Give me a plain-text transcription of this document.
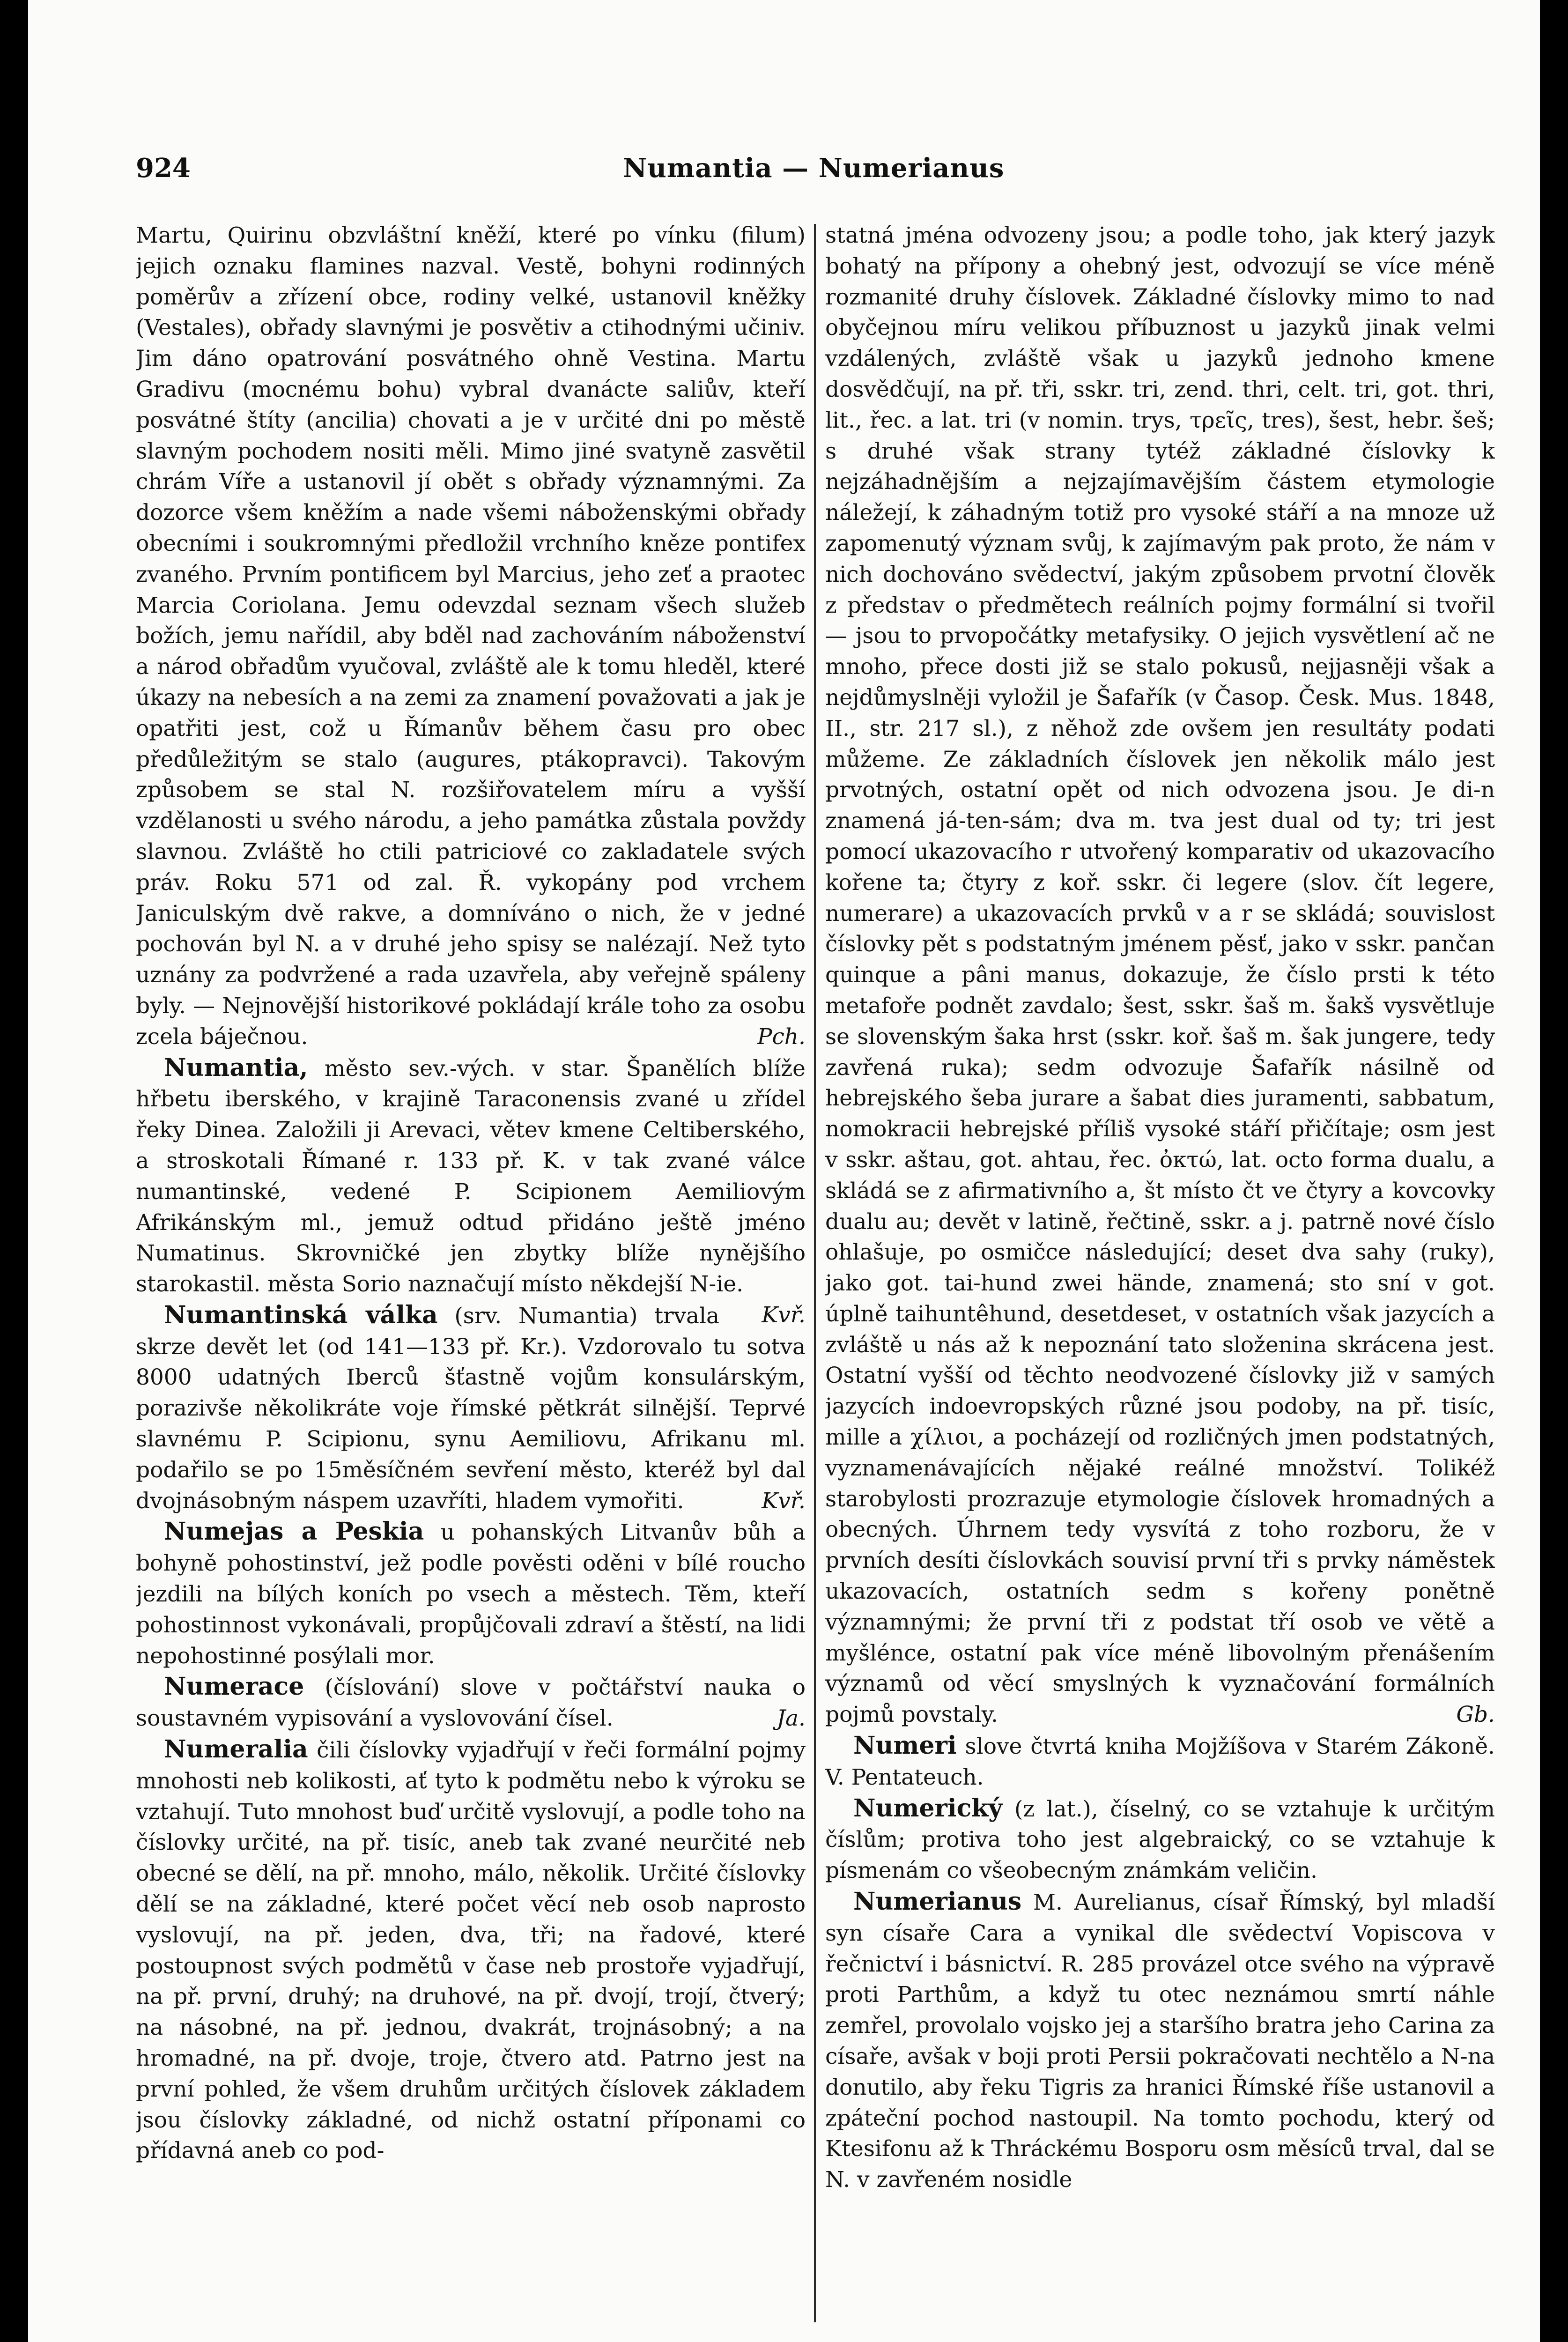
924	Numantia — Numerianus

Martu, Quirinu obzvláštní kněží, které po vínku (filum) jejich oznaku flamines nazval. Vestě, bohyni rodinných poměrův a zřízení obce, rodiny velké, ustanovil kněžky (Vestales), obřady slavnými je posvětiv a ctihodnými učiniv. Jim dáno opatrování posvátného ohně Vestina. Martu Gradivu (mocnému bohu) vybral dvanácte saliův, kteří posvátné štíty (ancilia) chovati a je v určité dni po městě slavným pochodem nositi měli. Mimo jiné svatyně zasvětil chrám Víře a ustanovil jí obět s obřady významnými. Za dozorce všem kněžím a nade všemi náboženskými obřady obecními i soukromnými předložil vrchního kněze pontifex zvaného. Prvním pontificem byl Marcius, jeho zeť a praotec Marcia Coriolana. Jemu odevzdal seznam všech služeb božích, jemu nařídil, aby bděl nad zachováním náboženství a národ obřadům vyučoval, zvláště ale k tomu hleděl, které úkazy na nebesích a na zemi za znamení považovati a jak je opatřiti jest, což u Římanův během času pro obec předůležitým se stalo (augures, ptákopravci). Takovým způsobem se stal N. rozšiřovatelem míru a vyšší vzdělanosti u svého národu, a jeho památka zůstala povždy slavnou. Zvláště ho ctili patriciové co zakladatele svých práv. Roku 571 od zal. Ř. vykopány pod vrchem Janiculským dvě rakve, a domníváno o nich, že v jedné pochován byl N. a v druhé jeho spisy se nalézají. Než tyto uznány za podvržené a rada uzavřela, aby veřejně spáleny byly. — Nejnovější historikové pokládají krále toho za osobu zcela báječnou.	Pch.

Numantia, město sev.-vých. v star. Španělích blíže hřbetu iberského, v krajině Taraconensis zvané u zřídel řeky Dinea. Založili ji Arevaci, větev kmene Celtiberského, a stroskotali Římané r. 133 př. K. v tak zvané válce numantinské, vedené P. Scipionem Aemiliovým Afrikánským ml., jemuž odtud přidáno ještě jméno Numatinus. Skrovničké jen zbytky blíže nynějšího starokastil. města Sorio naznačují místo někdejší N-ie.
Kvř.

Numantinská válka (srv. Numantia) trvala skrze devět let (od 141—133 př. Kr.). Vzdorovalo tu sotva 8000 udatných Iberců šťastně vojům konsulárským, porazivše několikráte voje římské pětkrát silnější. Teprvé slavnému P. Scipionu, synu Aemiliovu, Afrikanu ml. podařilo se po 15měsíčném sevření město, kteréž byl dal dvojnásobným náspem uzavříti, hladem vymořiti.	Kvř.

Numejas a Peskia u pohanských Litvanův bůh a bohyně pohostinství, jež podle pověsti oděni v bílé roucho jezdili na bílých koních po vsech a městech. Těm, kteří pohostinnost vykonávali, propůjčovali zdraví a štěstí, na lidi nepohostinné posýlali mor.

Numerace (číslování) slove v počtářství nauka o soustavném vypisování a vyslovování čísel.	Ja.

Numeralia čili číslovky vyjadřují v řeči formální pojmy mnohosti neb kolikosti, ať tyto k podmětu nebo k výroku se vztahují. Tuto mnohost buď určitě vyslovují, a podle toho na číslovky určité, na př. tisíc, aneb tak zvané neurčité neb obecné se dělí, na př. mnoho, málo, několik. Určité číslovky dělí se na základné, které počet věcí neb osob naprosto vyslovují, na př. jeden, dva, tři; na řadové, které postoupnost svých podmětů v čase neb prostoře vyjadřují, na př. první, druhý; na druhové, na př. dvojí, trojí, čtverý; na násobné, na př. jednou, dvakrát, trojnásobný; a na hromadné, na př. dvoje, troje, čtvero atd. Patrno jest na první pohled, že všem druhům určitých číslovek základem jsou číslovky základné, od nichž ostatní příponami co přídavná aneb co pod-

statná jména odvozeny jsou; a podle toho, jak který jazyk bohatý na přípony a ohebný jest, odvozují se více méně rozmanité druhy číslovek. Základné číslovky mimo to nad obyčejnou míru velikou příbuznost u jazyků jinak velmi vzdálených, zvláště však u jazyků jednoho kmene dosvědčují, na př. tři, sskr. tri, zend. thri, celt. tri, got. thri, lit., řec. a lat. tri (v nomin. trys, τρεῖς, tres), šest, hebr. šeš; s druhé však strany tytéž základné číslovky k nejzáhadnějším a nejzajímavějším částem etymologie náležejí, k záhadným totiž pro vysoké stáří a na mnoze už zapomenutý význam svůj, k zajímavým pak proto, že nám v nich dochováno svědectví, jakým způsobem prvotní člověk z představ o předmětech reálních pojmy formální si tvořil — jsou to prvopočátky metafysiky. O jejich vysvětlení ač ne mnoho, přece dosti již se stalo pokusů, nejjasněji však a nejdůmyslněji vyložil je Šafařík (v Časop. Česk. Mus. 1848, II., str. 217 sl.), z něhož zde ovšem jen resultáty podati můžeme. Ze základních číslovek jen několik málo jest prvotných, ostatní opět od nich odvozena jsou. Je di-n znamená já-ten-sám; dva m. tva jest dual od ty; tri jest pomocí ukazovacího r utvořený komparativ od ukazovacího kořene ta; čtyry z koř. sskr. či legere (slov. čít legere, numerare) a ukazovacích prvků v a r se skládá; souvislost číslovky pět s podstatným jménem pěsť, jako v sskr. pančan quinque a pâni manus, dokazuje, že číslo prsti k této metafoře podnět zavdalo; šest, sskr. šaš m. šakš vysvětluje se slovenským šaka hrst (sskr. koř. šaš m. šak jungere, tedy zavřená ruka); sedm odvozuje Šafařík násilně od hebrejského šeba jurare a šabat dies juramenti, sabbatum, nomokracii hebrejské příliš vysoké stáří přičítaje; osm jest v sskr. aštau, got. ahtau, řec. ὀκτώ, lat. octo forma dualu, a skládá se z afirmativního a, št místo čt ve čtyry a kovcovky dualu au; devět v latině, řečtině, sskr. a j. patrně nové číslo ohlašuje, po osmičce následující; deset dva sahy (ruky), jako got. tai-hund zwei hände, znamená; sto sní v got. úplně taihuntêhund, desetdeset, v ostatních však jazycích a zvláště u nás až k nepoznání tato složenina skrácena jest. Ostatní vyšší od těchto neodvozené číslovky již v samých jazycích indoevropských různé jsou podoby, na př. tisíc, mille a χίλιοι, a pocházejí od rozličných jmen podstatných, vyznamenávajících nějaké reálné množství. Tolikéž starobylosti prozrazuje etymologie číslovek hromadných a obecných. Úhrnem tedy vysvítá z toho rozboru, že v prvních desíti číslovkách souvisí první tři s prvky náměstek ukazovacích, ostatních sedm s kořeny ponětně významnými; že první tři z podstat tří osob ve větě a myšlénce, ostatní pak více méně libovolným přenášením významů od věcí smyslných k vyznačování formálních pojmů povstaly.	Gb.

Numeri slove čtvrtá kniha Mojžíšova v Starém Zákoně. V. Pentateuch.

Numerický (z lat.), číselný, co se vztahuje k určitým číslům; protiva toho jest algebraický, co se vztahuje k písmenám co všeobecným známkám veličin.

Numerianus M. Aurelianus, císař Římský, byl mladší syn císaře Cara a vynikal dle svědectví Vopiscova v řečnictví i básnictví. R. 285 provázel otce svého na výpravě proti Parthům, a když tu otec neznámou smrtí náhle zemřel, provolalo vojsko jej a staršího bratra jeho Carina za císaře, avšak v boji proti Persii pokračovati nechtělo a N-na donutilo, aby řeku Tigris za hranici Římské říše ustanovil a zpáteční pochod nastoupil. Na tomto pochodu, který od Ktesifonu až k Thráckému Bosporu osm měsíců trval, dal se N. v zavřeném nosidle
